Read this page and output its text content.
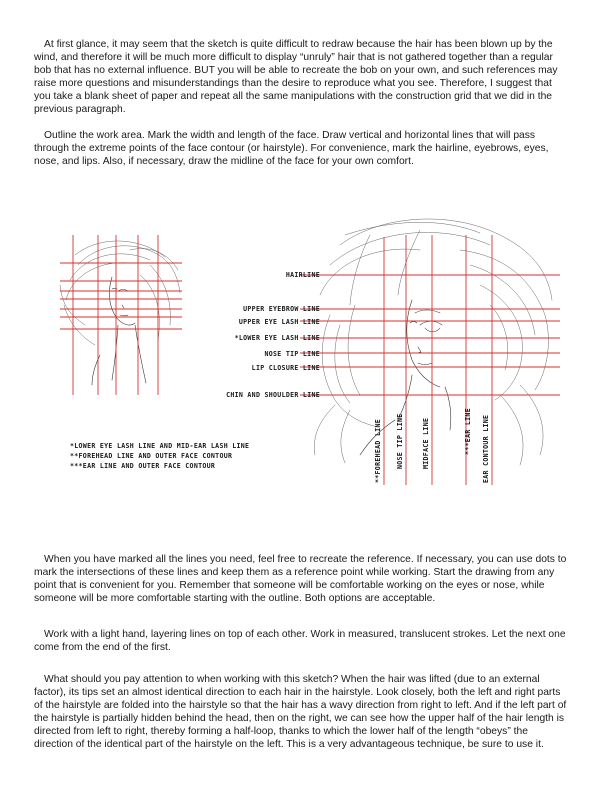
At first glance, it may seem that the sketch is quite difficult to redraw because the hair has been blown up by the wind, and therefore it will be much more difficult to display “unruly” hair that is not gathered together than a regular bob that has no external influence. BUT you will be able to recreate the bob on your own, and such references may raise more questions and misunderstandings than the desire to reproduce what you see. Therefore, I suggest that you take a blank sheet of paper and repeat all the same manipulations with the construction grid that we did in the previous paragraph.

Outline the work area. Mark the width and length of the face. Draw vertical and horizontal lines that will pass through the extreme points of the face contour (or hairstyle). For convenience, mark the hairline, eyebrows, eyes, nose, and lips. Also, if necessary, draw the midline of the face for your own comfort.

HAIRLINE
UPPER EYEBROW LINE
UPPER EYE LASH LINE
*LOWER EYE LASH LINE
NOSE TIP LINE
LIP CLOSURE LINE
CHIN AND SHOULDER LINE
**FOREHEAD LINE NOSE TIP LINE	MIDFACE LINE	***EAR LINE EAR CONTOUR LINE
*LOWER EYE LASH LINE AND MID-EAR LASH LINE
**FOREHEAD LINE AND OUTER FACE CONTOUR
***EAR LINE AND OUTER FACE CONTOUR

When you have marked all the lines you need, feel free to recreate the reference. If necessary, you can use dots to mark the intersections of these lines and keep them as a reference point while working. Start the drawing from any point that is convenient for you. Remember that someone will be comfortable working on the eyes or nose, while someone will be more comfortable starting with the outline. Both options are acceptable.

Work with a light hand, layering lines on top of each other. Work in measured, translucent strokes. Let the next one come from the end of the first.

What should you pay attention to when working with this sketch? When the hair was lifted (due to an external factor), its tips set an almost identical direction to each hair in the hairstyle. Look closely, both the left and right parts of the hairstyle are folded into the hairstyle so that the hair has a wavy direction from right to left. And if the left part of the hairstyle is partially hidden behind the head, then on the right, we can see how the upper half of the hair length is directed from left to right, thereby forming a half-loop, thanks to which the lower half of the length “obeys” the direction of the identical part of the hairstyle on the left. This is a very advantageous technique, be sure to use it.
